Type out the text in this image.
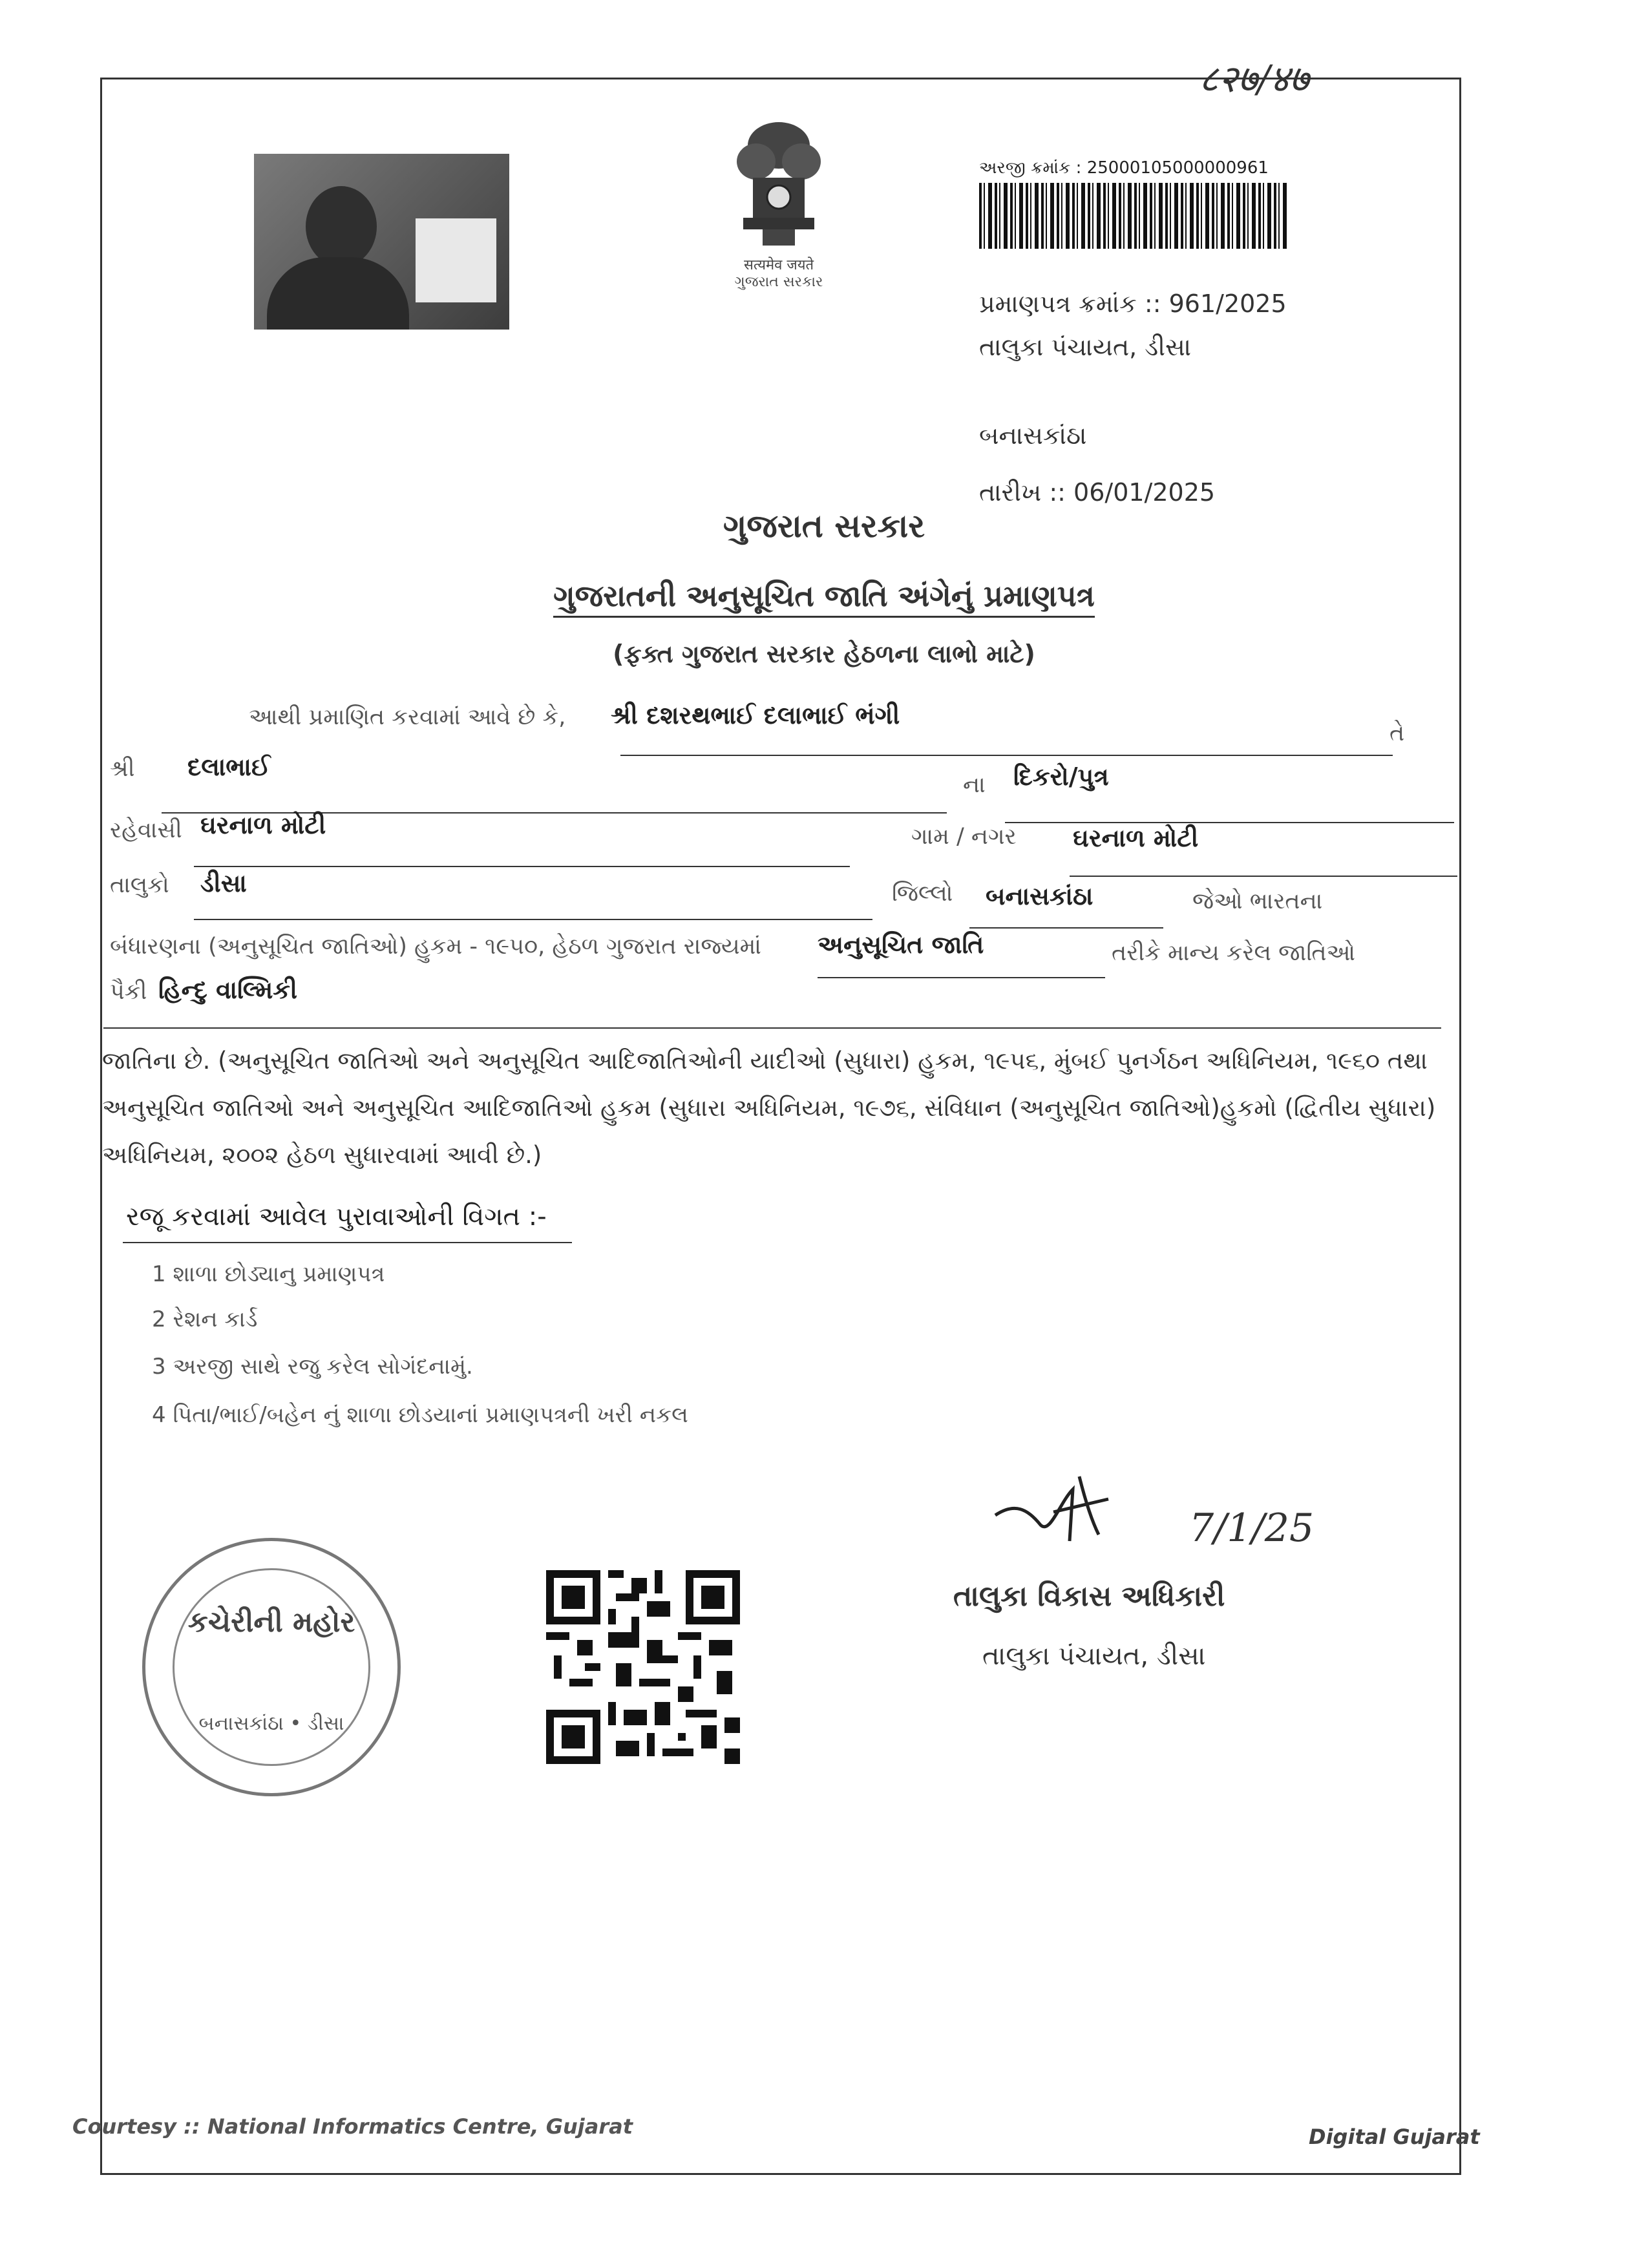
८२७/४७
सत्यमेव जयते
ગુજરાત સરકાર
અરજી ક્રમાંક : 25000105000000961
પ્રમાણપત્ર ક્રમાંક :: 961/2025
તાલુકા પંચાયત, ડીસા
બનાસકાંઠા
તારીખ :: 06/01/2025
ગુજરાત સરકાર
ગુજરાતની અનુસૂચિત જાતિ અંગેનું પ્રમાણપત્ર
(ફક્ત ગુજરાત સરકાર હેઠળના લાભો માટે)
આથી પ્રમાણિત કરવામાં આવે છે કે, શ્રી દશરથભાઈ દલાભાઈ ભંગી
તે
શ્રી દલાભાઈ
ના દિકરો/પુત્ર
રહેવાસી ઘરનાળ મોટી	ગામ / નગર ઘરનાળ મોટી
તાલુકો ડીસા	જિલ્લો બનાસકાંઠા	જેઓ ભારતના
બંધારણના (અનુસૂચિત જાતિઓ) હુકમ - ૧૯૫૦, હેઠળ ગુજરાત રાજ્યમાં અનુસૂચિત જાતિ	તરીકે માન્ય કરેલ જાતિઓ
પૈકી હિન્દુ વાલ્મિકી
જાતિના છે. (અનુસૂચિત જાતિઓ અને અનુસૂચિત આદિજાતિઓની યાદીઓ (સુધારા) હુકમ, ૧૯૫૬, મુંબઈ પુનર્ગઠન અધિનિયમ, ૧૯૬૦ તથા
અનુસૂચિત જાતિઓ અને અનુસૂચિત આદિજાતિઓ હુકમ (સુધારા અધિનિયમ, ૧૯૭૬, સંવિધાન (અનુસૂચિત જાતિઓ)હુકમો (દ્વિતીય સુધારા)
અધિનિયમ, ૨૦૦૨ હેઠળ સુધારવામાં આવી છે.)
રજૂ કરવામાં આવેલ પુરાવાઓની વિગત :-
1 શાળા છોડ્યાનુ પ્રમાણપત્ર
2 રેશન કાર્ડ
3 અરજી સાથે રજુ કરેલ સોગંદનામું.
4 પિતા/ભાઈ/બહેન નું શાળા છોડયાનાં પ્રમાણપત્રની ખરી નકલ
કચેરીની મહોર
બનાસકાંઠા • ડીસા
7/1/25
તાલુકા વિકાસ અધિકારી
તાલુકા પંચાયત, ડીસા
Courtesy :: National Informatics Centre, Gujarat	Digital Gujarat
